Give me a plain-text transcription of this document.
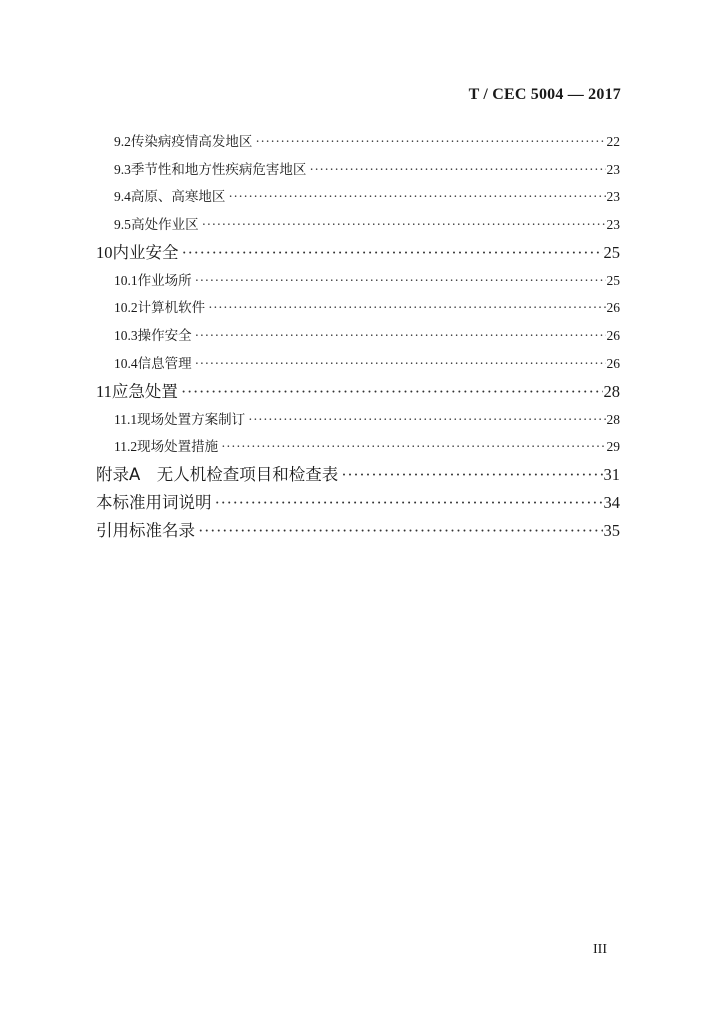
T / CEC 5004 — 2017
9.2 传染病疫情高发地区 ·····	22
9.3 季节性和地方性疾病危害地区 ·····	23
9.4 高原、高寒地区 ·····	23
9.5 高处作业区 ·····	23
10 内业安全 ·····	25
10.1 作业场所 ·····	25
10.2 计算机软件 ·····	26
10.3 操作安全 ·····	26
10.4 信息管理 ·····	26
11 应急处置 ·····	28
11.1 现场处置方案制订 ·····	28
11.2 现场处置措施 ·····	29
附录A　无人机检查项目和检查表 ·····	31
本标准用词说明 ·····	34
引用标准名录 ·····	35
III
